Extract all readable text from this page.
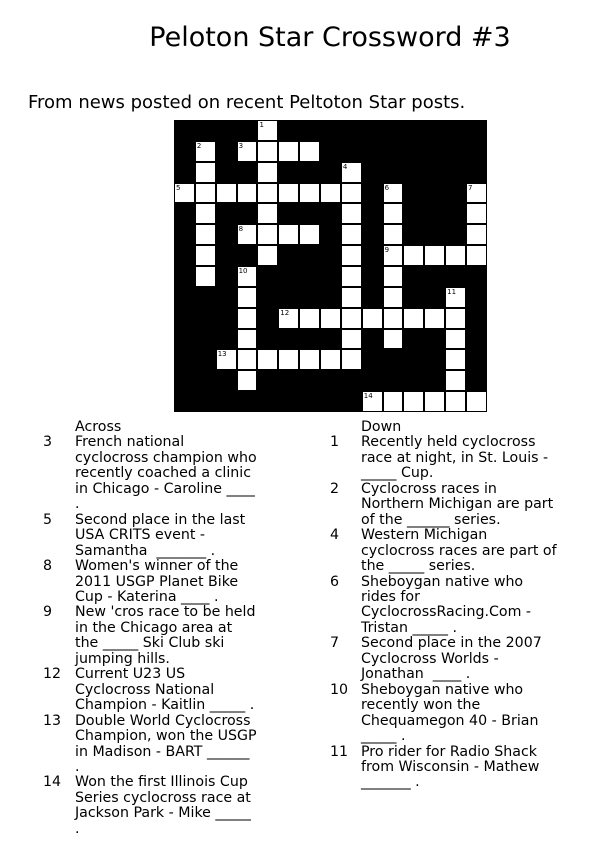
Peloton Star Crossword #3
From news posted on recent Peltoton Star posts.
1
2	3
4
5	6	7
8
9
10
11
12
13
14
Across
3	French national
cyclocross champion who
recently coached a clinic
in Chicago - Caroline ____
.
5	Second place in the last
USA CRITS event -
Samantha  _______ .
8	Women's winner of the
2011 USGP Planet Bike
Cup - Katerina ____ .
9	New 'cros race to be held
in the Chicago area at
the _____ Ski Club ski
jumping hills.
12 Current U23 US
Cyclocross National
Champion - Kaitlin _____ .
13 Double World Cyclocross
Champion, won the USGP
in Madison - BART ______
.
14 Won the first Illinois Cup
Series cyclocross race at
Jackson Park - Mike _____
.
Down
1	Recently held cyclocross
race at night, in St. Louis -
_____ Cup.
2	Cyclocross races in
Northern Michigan are part
of the ______ series.
4	Western Michigan
cyclocross races are part of
the _____ series.
6	Sheboygan native who
rides for
CyclocrossRacing.Com -
Tristan _____ .
7	Second place in the 2007
Cyclocross Worlds -
Jonathan  ____ .
10 Sheboygan native who
recently won the
Chequamegon 40 - Brian
_____ .
11 Pro rider for Radio Shack
from Wisconsin - Mathew
_______ .
